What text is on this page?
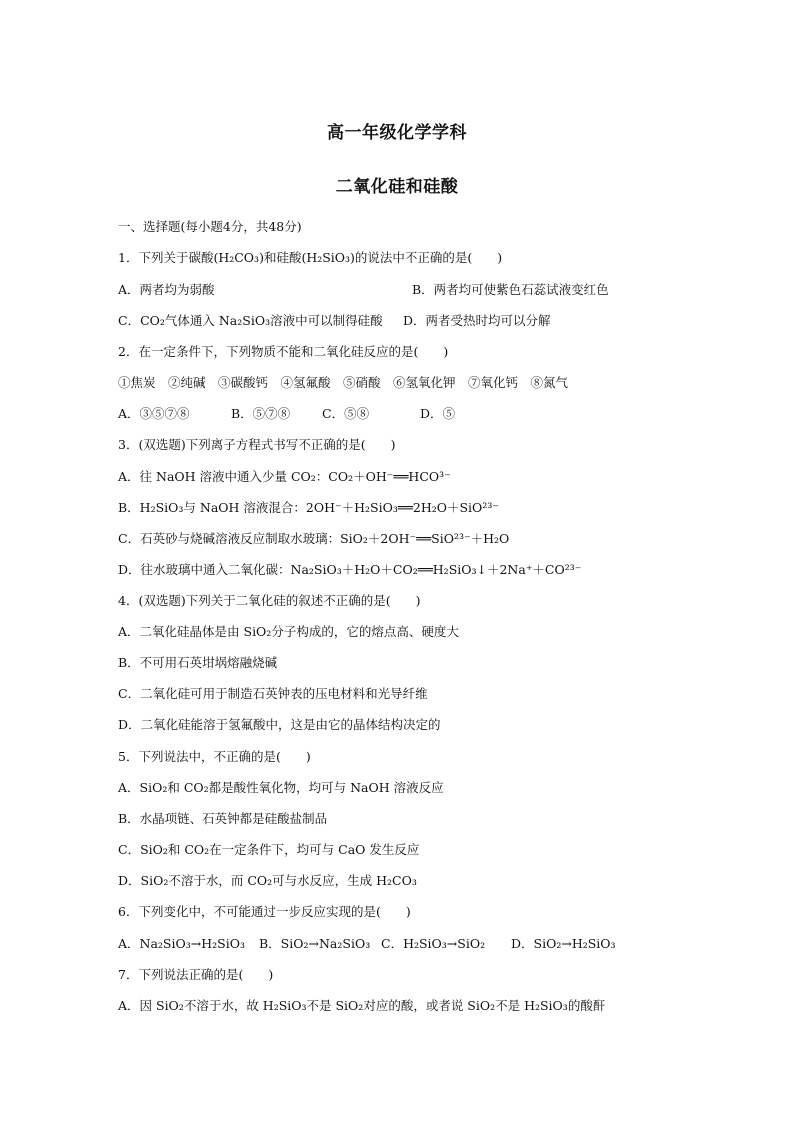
高一年级化学学科
二氧化硅和硅酸
一、选择题(每小题4分，共48分)
1．下列关于碳酸(H₂CO₃)和硅酸(H₂SiO₃)的说法中不正确的是(　　)
A．两者均为弱酸	B．两者均可使紫色石蕊试液变红色
C．CO₂气体通入 Na₂SiO₃溶液中可以制得硅酸 D．两者受热时均可以分解
2．在一定条件下，下列物质不能和二氧化硅反应的是(　　)
①焦炭　②纯碱　③碳酸钙　④氢氟酸　⑤硝酸　⑥氢氧化钾　⑦氧化钙　⑧氮气
A．③⑤⑦⑧	B．⑤⑦⑧	C．⑤⑧	D．⑤
3．(双选题)下列离子方程式书写不正确的是(　　)
A．往 NaOH 溶液中通入少量 CO₂：CO₂＋OH⁻══HCO³⁻
B．H₂SiO₃与 NaOH 溶液混合：2OH⁻＋H₂SiO₃══2H₂O＋SiO²³⁻
C．石英砂与烧碱溶液反应制取水玻璃：SiO₂＋2OH⁻══SiO²³⁻＋H₂O
D．往水玻璃中通入二氧化碳：Na₂SiO₃＋H₂O＋CO₂══H₂SiO₃↓＋2Na⁺＋CO²³⁻
4．(双选题)下列关于二氧化硅的叙述不正确的是(　　)
A．二氧化硅晶体是由 SiO₂分子构成的，它的熔点高、硬度大
B．不可用石英坩埚熔融烧碱
C．二氧化硅可用于制造石英钟表的压电材料和光导纤维
D．二氧化硅能溶于氢氟酸中，这是由它的晶体结构决定的
5．下列说法中，不正确的是(　　)
A．SiO₂和 CO₂都是酸性氧化物，均可与 NaOH 溶液反应
B．水晶项链、石英钟都是硅酸盐制品
C．SiO₂和 CO₂在一定条件下，均可与 CaO 发生反应
D．SiO₂不溶于水，而 CO₂可与水反应，生成 H₂CO₃
6．下列变化中，不可能通过一步反应实现的是(　　)
A．Na₂SiO₃→H₂SiO₃ B．SiO₂→Na₂SiO₃ C．H₂SiO₃→SiO₂ D．SiO₂→H₂SiO₃
7．下列说法正确的是(　　)
A．因 SiO₂不溶于水，故 H₂SiO₃不是 SiO₂对应的酸，或者说 SiO₂不是 H₂SiO₃的酸酐
